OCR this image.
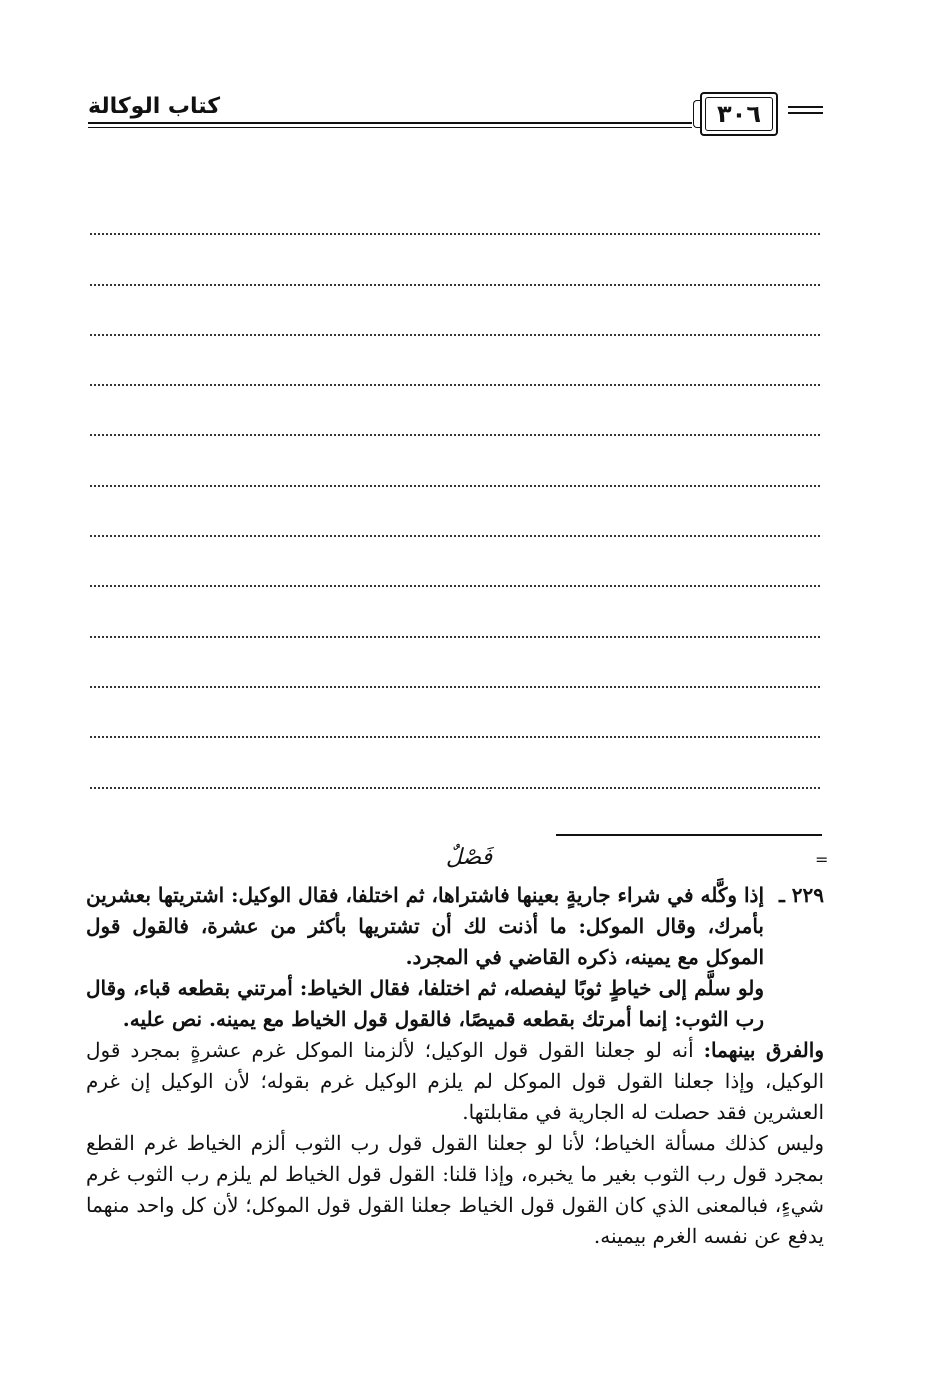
كتاب الوكالة	٣٠٦
=
فَصْلٌ
٢٢٩ ـ

إذا وكَّله في شراء جاريةٍ بعينها فاشتراها، ثم اختلفا، فقال الوكيل: اشتريتها بعشرين بأمرك، وقال الموكل: ما أذنت لك أن تشتريها بأكثر من عشرة، فالقول قول الموكل مع يمينه، ذكره القاضي في المجرد.

ولو سلَّم إلى خياطٍ ثوبًا ليفصله، ثم اختلفا، فقال الخياط: أمرتني بقطعه قباء، وقال رب الثوب: إنما أمرتك بقطعه قميصًا، فالقول قول الخياط مع يمينه. نص عليه.

والفرق بينهما: أنه لو جعلنا القول قول الوكيل؛ لألزمنا الموكل غرم عشرةٍ بمجرد قول الوكيل، وإذا جعلنا القول قول الموكل لم يلزم الوكيل غرم بقوله؛ لأن الوكيل إن غرم العشرين فقد حصلت له الجارية في مقابلتها.

وليس كذلك مسألة الخياط؛ لأنا لو جعلنا القول قول رب الثوب ألزم الخياط غرم القطع بمجرد قول رب الثوب بغير ما يخبره، وإذا قلنا: القول قول الخياط لم يلزم رب الثوب غرم شيءٍ، فبالمعنى الذي كان القول قول الخياط جعلنا القول قول الموكل؛ لأن كل واحد منهما يدفع عن نفسه الغرم بيمينه.
